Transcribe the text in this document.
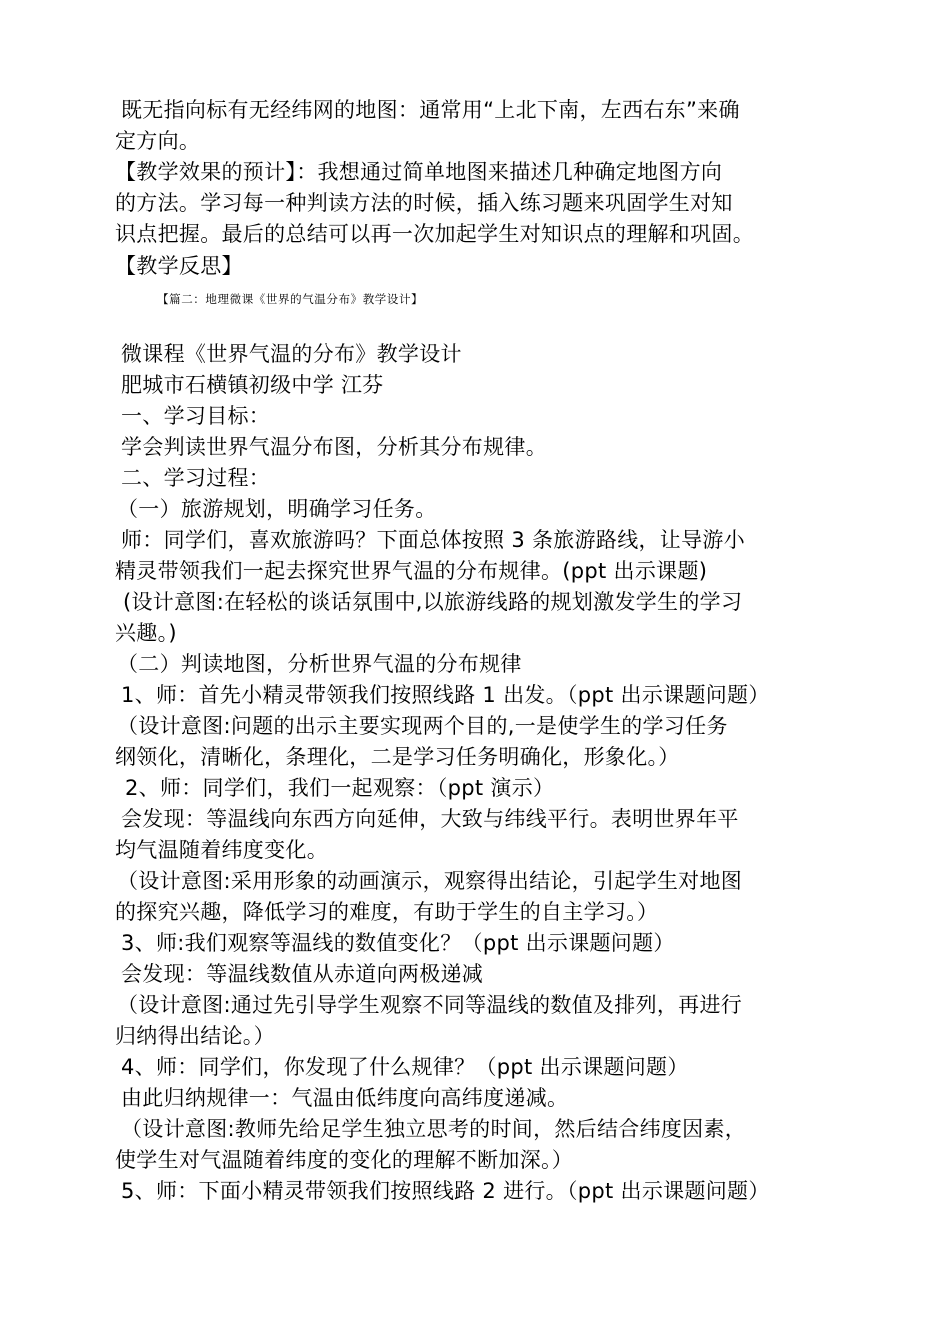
既无指向标有无经纬网的地图：通常用“上北下南，左西右东”来确
定方向。
【教学效果的预计】：我想通过简单地图来描述几种确定地图方向
的方法。学习每一种判读方法的时候，插入练习题来巩固学生对知
识点把握。最后的总结可以再一次加起学生对知识点的理解和巩固。
【教学反思】
【篇二：地理微课《世界的气温分布》教学设计】
微课程《世界气温的分布》教学设计
肥城市石横镇初级中学 江芬
一、学习目标：
学会判读世界气温分布图，分析其分布规律。
二、学习过程：
（一）旅游规划，明确学习任务。
师：同学们，喜欢旅游吗？下面总体按照 3 条旅游路线，让导游小
精灵带领我们一起去探究世界气温的分布规律。(ppt 出示课题)
(设计意图:在轻松的谈话氛围中,以旅游线路的规划激发学生的学习
兴趣。)
（二）判读地图，分析世界气温的分布规律
1、师：首先小精灵带领我们按照线路 1 出发。（ppt 出示课题问题）
（设计意图:问题的出示主要实现两个目的,一是使学生的学习任务
纲领化，清晰化，条理化，二是学习任务明确化，形象化。）
2、师：同学们，我们一起观察：（ppt 演示）
会发现：等温线向东西方向延伸，大致与纬线平行。表明世界年平
均气温随着纬度变化。
（设计意图:采用形象的动画演示，观察得出结论，引起学生对地图
的探究兴趣，降低学习的难度，有助于学生的自主学习。）
3、师:我们观察等温线的数值变化？（ppt 出示课题问题）
会发现：等温线数值从赤道向两极递减
（设计意图:通过先引导学生观察不同等温线的数值及排列，再进行
归纳得出结论。）
4、师：同学们，你发现了什么规律？（ppt 出示课题问题）
由此归纳规律一：气温由低纬度向高纬度递减。
（设计意图:教师先给足学生独立思考的时间，然后结合纬度因素，
使学生对气温随着纬度的变化的理解不断加深。）
5、师：下面小精灵带领我们按照线路 2 进行。（ppt 出示课题问题）
